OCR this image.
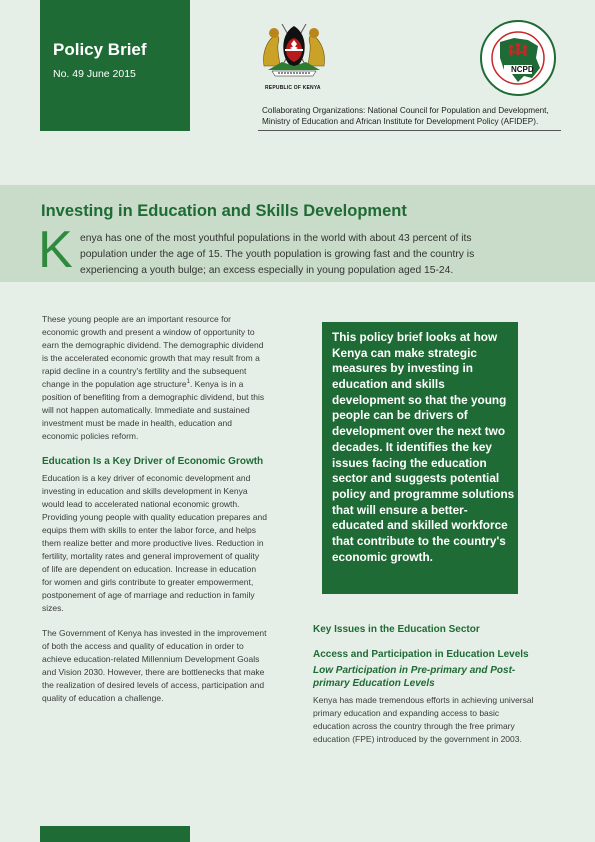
Policy Brief
No. 49 June 2015
REPUBLIC OF KENYA
NCPD
Collaborating Organizations: National Council for Population and Development,
Ministry of Education and African Institute for Development Policy (AFIDEP).
Investing in Education and Skills Development
K enya has one of the most youthful populations in the world with about 43 percent of its population under the age of 15. The youth population is growing fast and the country is experiencing a youth bulge; an excess especially in young population aged 15-24.

These young people are an important resource for economic growth and present a window of opportunity to earn the demographic dividend. The demographic dividend is the accelerated economic growth that may result from a rapid decline in a country's fertility and the subsequent change in the population age structure$^1$. Kenya is in a position of benefiting from a demographic dividend, but this will not happen automatically. Immediate and sustained investment must be made in health, education and economic policies reform.

Education Is a Key Driver of Economic Growth

Education is a key driver of economic development and investing in education and skills development in Kenya would lead to accelerated national economic growth. Providing young people with quality education prepares and equips them with skills to enter the labor force, and helps them realize better and more productive lives. Reduction in fertility, mortality rates and general improvement of quality of life are dependent on education. Increase in education for women and girls contribute to greater empowerment, postponement of age of marriage and reduction in family sizes.

The Government of Kenya has invested in the improvement of both the access and quality of education in order to achieve education-related Millennium Development Goals and Vision 2030. However, there are bottlenecks that make the realization of desired levels of access, participation and quality of education a challenge.

This policy brief looks at how Kenya can make strategic measures by investing in education and skills development so that the young people can be drivers of development over the next two decades. It identifies the key issues facing the education sector and suggests potential policy and programme solutions that will ensure a better-educated and skilled workforce that contribute to the country's economic growth.
Key Issues in the Education Sector
Access and Participation in Education Levels
Low Participation in Pre-primary and Post-primary Education Levels

Kenya has made tremendous efforts in achieving universal primary education and expanding access to basic education across the country through the free primary education (FPE) introduced by the government in 2003.
